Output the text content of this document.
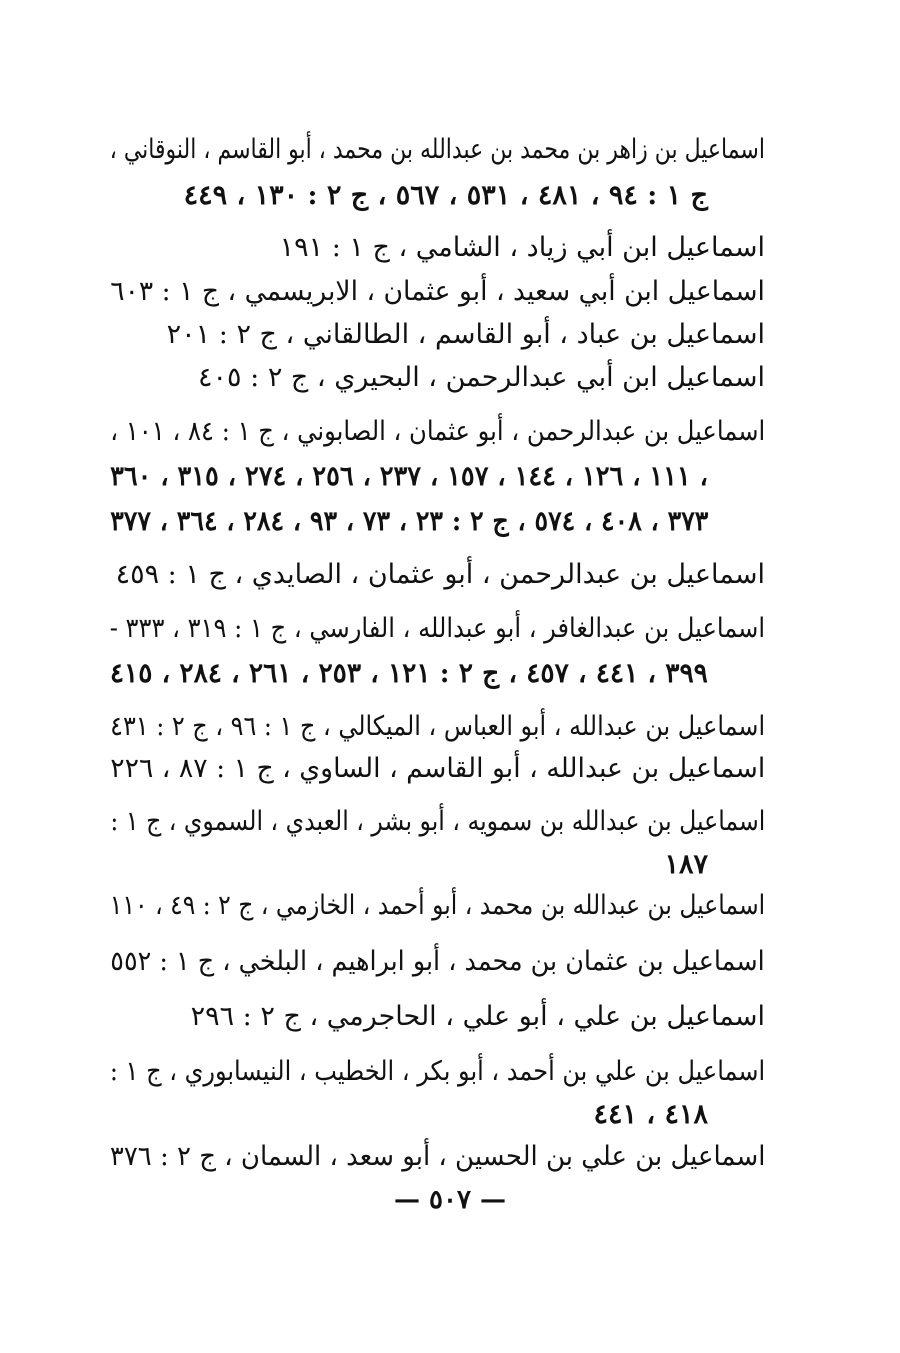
اسماعيل بن زاهر بن محمد بن عبدالله بن محمد ، أبو القاسم ، النوقاني ،
ج ١ : ٩٤ ، ٤٨١ ، ٥٣١ ، ٥٦٧ ، ج ٢ : ١٣٠ ، ٤٤٩
اسماعيل ابن أبي زياد ، الشامي ، ج ١ : ١٩١
اسماعيل ابن أبي سعيد ، أبو عثمان ، الابريسمي ، ج ١ : ٦٠٣
اسماعيل بن عباد ، أبو القاسم ، الطالقاني ، ج ٢ : ٢٠١
اسماعيل ابن أبي عبدالرحمن ، البحيري ، ج ٢ : ٤٠٥
اسماعيل بن عبدالرحمن ، أبو عثمان ، الصابوني ، ج ١ : ٨٤ ، ١٠١ ،
١١١ ، ١٢٦ ، ١٤٤ ، ١٥٧ ، ٢٣٧ ، ٢٥٦ ، ٢٧٤ ، ٣١٥ ، ٣٦٠ ،
٣٧٣ ، ٤٠٨ ، ٥٧٤ ، ج ٢ : ٢٣ ، ٧٣ ، ٩٣ ، ٢٨٤ ، ٣٦٤ ، ٣٧٧
اسماعيل بن عبدالرحمن ، أبو عثمان ، الصايدي ، ج ١ : ٤٥٩
اسماعيل بن عبدالغافر ، أبو عبدالله ، الفارسي ، ج ١ : ٣١٩ ، ٣٣٣ -
٣٩٩ ، ٤٤١ ، ٤٥٧ ، ج ٢ : ١٢١ ، ٢٥٣ ، ٢٦١ ، ٢٨٤ ، ٤١٥
اسماعيل بن عبدالله ، أبو العباس ، الميكالي ، ج ١ : ٩٦ ، ج ٢ : ٤٣١
اسماعيل بن عبدالله ، أبو القاسم ، الساوي ، ج ١ : ٨٧ ، ٢٢٦
اسماعيل بن عبدالله بن سمويه ، أبو بشر ، العبدي ، السموي ، ج ١ :
١٨٧
اسماعيل بن عبدالله بن محمد ، أبو أحمد ، الخازمي ، ج ٢ : ٤٩ ، ١١٠
اسماعيل بن عثمان بن محمد ، أبو ابراهيم ، البلخي ، ج ١ : ٥٥٢
اسماعيل بن علي ، أبو علي ، الحاجرمي ، ج ٢ : ٢٩٦
اسماعيل بن علي بن أحمد ، أبو بكر ، الخطيب ، النيسابوري ، ج ١ :
٤١٨ ، ٤٤١
اسماعيل بن علي بن الحسين ، أبو سعد ، السمان ، ج ٢ : ٣٧٦
— ٥٠٧ —
